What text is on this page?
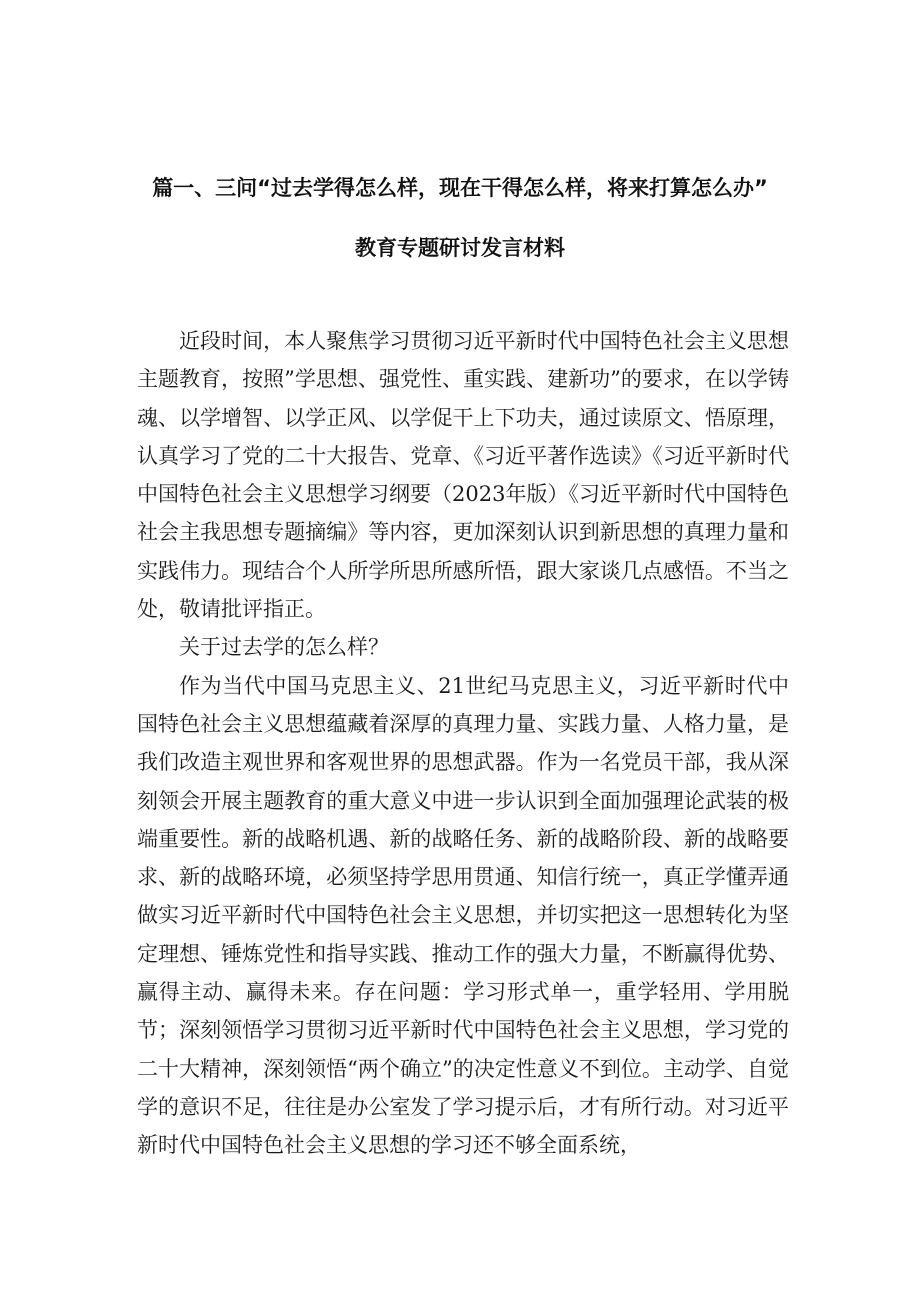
篇一、三问“过去学得怎么样，现在干得怎么样，将来打算怎么办”
教育专题研讨发言材料

近段时间，本人聚焦学习贯彻习近平新时代中国特色社会主义思想主题教育，按照”学思想、强党性、重实践、建新功”的要求，在以学铸魂、以学增智、以学正风、以学促干上下功夫，通过读原文、悟原理，认真学习了党的二十大报告、党章、《习近平著作选读》《习近平新时代中国特色社会主义思想学习纲要（2023年版）《习近平新时代中国特色社会主我思想专题摘编》等内容，更加深刻认识到新思想的真理力量和实践伟力。现结合个人所学所思所感所悟，跟大家谈几点感悟。不当之处，敬请批评指正。

关于过去学的怎么样？

作为当代中国马克思主义、21世纪马克思主义，习近平新时代中国特色社会主义思想蕴藏着深厚的真理力量、实践力量、人格力量，是我们改造主观世界和客观世界的思想武器。作为一名党员干部，我从深刻领会开展主题教育的重大意义中进一步认识到全面加强理论武装的极端重要性。新的战略机遇、新的战略任务、新的战略阶段、新的战略要求、新的战略环境，必须坚持学思用贯通、知信行统一，真正学懂弄通做实习近平新时代中国特色社会主义思想，并切实把这一思想转化为坚定理想、锤炼党性和指导实践、推动工作的强大力量，不断赢得优势、赢得主动、赢得未来。存在问题：学习形式单一，重学轻用、学用脱节；深刻领悟学习贯彻习近平新时代中国特色社会主义思想，学习党的二十大精神，深刻领悟“两个确立”的决定性意义不到位。主动学、自觉学的意识不足，往往是办公室发了学习提示后，才有所行动。对习近平新时代中国特色社会主义思想的学习还不够全面系统，
